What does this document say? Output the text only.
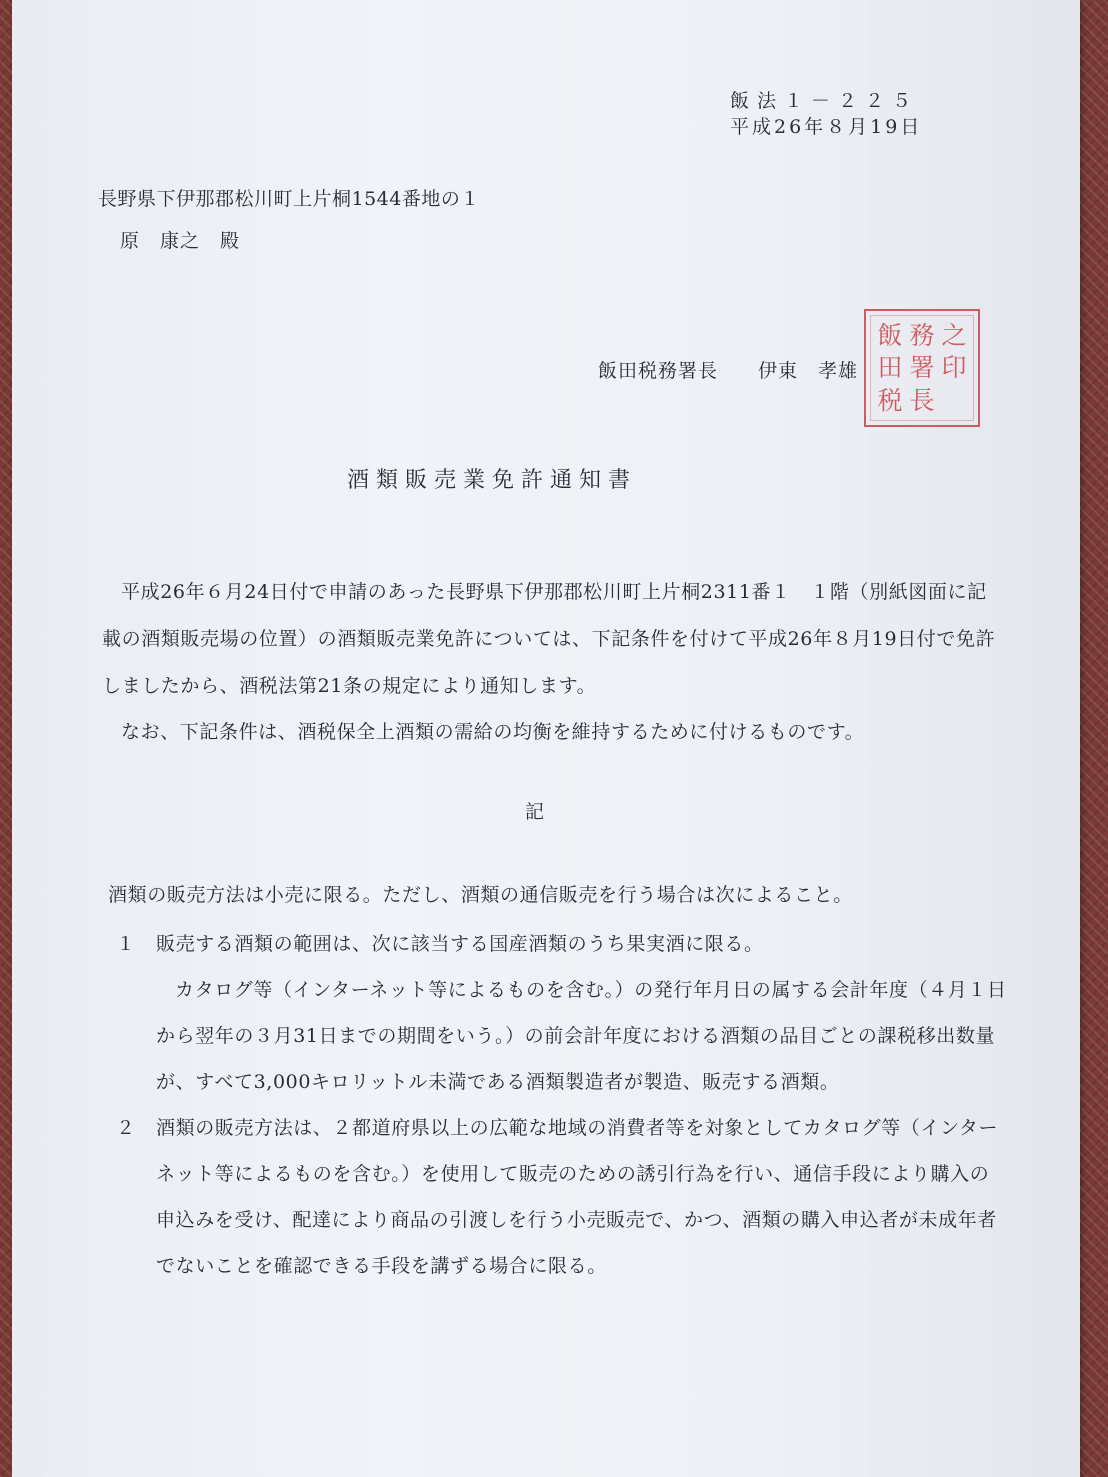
飯法１－２２５
平成26年８月19日
長野県下伊那郡松川町上片桐1544番地の１
原　康之　殿
飯田税務署長　　伊東　孝雄
飯 務 之
田 署 印
税 長
酒類販売業免許通知書

平成26年６月24日付で申請のあった長野県下伊那郡松川町上片桐2311番１　１階（別紙図面に記載の酒類販売場の位置）の酒類販売業免許については、下記条件を付けて平成26年８月19日付で免許しましたから、酒税法第21条の規定により通知します。

なお、下記条件は、酒税保全上酒類の需給の均衡を維持するために付けるものです。

記

酒類の販売方法は小売に限る。ただし、酒類の通信販売を行う場合は次によること。

１	販売する酒類の範囲は、次に該当する国産酒類のうち果実酒に限る。

カタログ等（インターネット等によるものを含む。）の発行年月日の属する会計年度（４月１日から翌年の３月31日までの期間をいう。）の前会計年度における酒類の品目ごとの課税移出数量が、すべて3,000キロリットル未満である酒類製造者が製造、販売する酒類。

２	酒類の販売方法は、２都道府県以上の広範な地域の消費者等を対象としてカタログ等（インターネット等によるものを含む。）を使用して販売のための誘引行為を行い、通信手段により購入の申込みを受け、配達により商品の引渡しを行う小売販売で、かつ、酒類の購入申込者が未成年者でないことを確認できる手段を講ずる場合に限る。
